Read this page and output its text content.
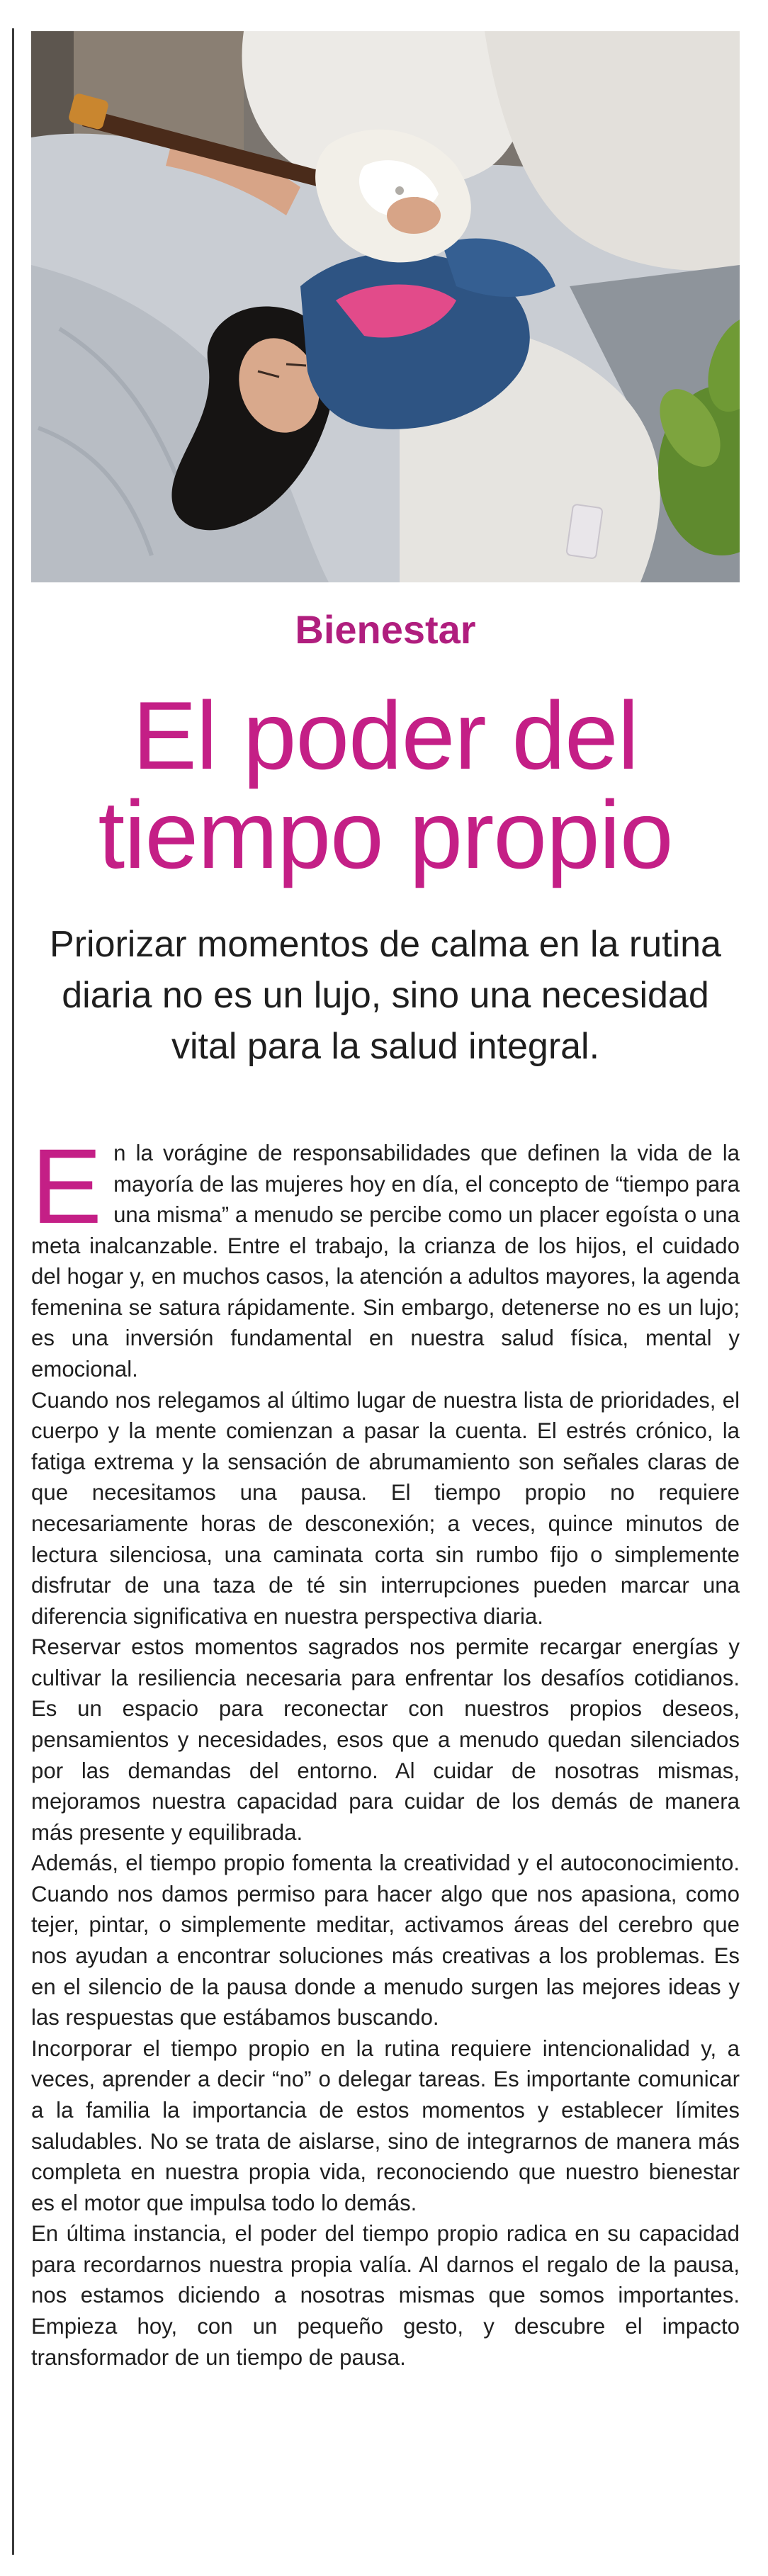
Bienestar
El poder del
tiempo propio
Priorizar momentos de calma en la rutina diaria no es un lujo, sino una necesidad vital para la salud integral.

En la vorágine de responsabilidades que definen la vida de la mayoría de las mujeres hoy en día, el concepto de “tiempo para una misma” a menudo se percibe como un placer egoísta o una meta inalcanzable. Entre el trabajo, la crianza de los hijos, el cuidado del hogar y, en muchos casos, la atención a adultos mayores, la agenda femenina se satura rápidamente. Sin embargo, detenerse no es un lujo; es una inversión fundamental en nuestra salud física, mental y emocional.

Cuando nos relegamos al último lugar de nuestra lista de prioridades, el cuerpo y la mente comienzan a pasar la cuenta. El estrés crónico, la fatiga extrema y la sensación de abrumamiento son señales claras de que necesitamos una pausa. El tiempo propio no requiere necesariamente horas de desconexión; a veces, quince minutos de lectura silenciosa, una caminata corta sin rumbo fijo o simplemente disfrutar de una taza de té sin interrupciones pueden marcar una diferencia significativa en nuestra perspectiva diaria.

Reservar estos momentos sagrados nos permite recargar energías y cultivar la resiliencia necesaria para enfrentar los desafíos cotidianos. Es un espacio para reconectar con nuestros propios deseos, pensamientos y necesidades, esos que a menudo quedan silenciados por las demandas del entorno. Al cuidar de nosotras mismas, mejoramos nuestra capacidad para cuidar de los demás de manera más presente y equilibrada.

Además, el tiempo propio fomenta la creatividad y el autoconocimiento. Cuando nos damos permiso para hacer algo que nos apasiona, como tejer, pintar, o simplemente meditar, activamos áreas del cerebro que nos ayudan a encontrar soluciones más creativas a los problemas. Es en el silencio de la pausa donde a menudo surgen las mejores ideas y las respuestas que estábamos buscando.

Incorporar el tiempo propio en la rutina requiere intencionalidad y, a veces, aprender a decir “no” o delegar tareas. Es importante comunicar a la familia la importancia de estos momentos y establecer límites saludables. No se trata de aislarse, sino de integrarnos de manera más completa en nuestra propia vida, reconociendo que nuestro bienestar es el motor que impulsa todo lo demás.

En última instancia, el poder del tiempo propio radica en su capacidad para recordarnos nuestra propia valía. Al darnos el regalo de la pausa, nos estamos diciendo a nosotras mismas que somos importantes. Empieza hoy, con un pequeño gesto, y descubre el impacto transformador de un tiempo de pausa.
